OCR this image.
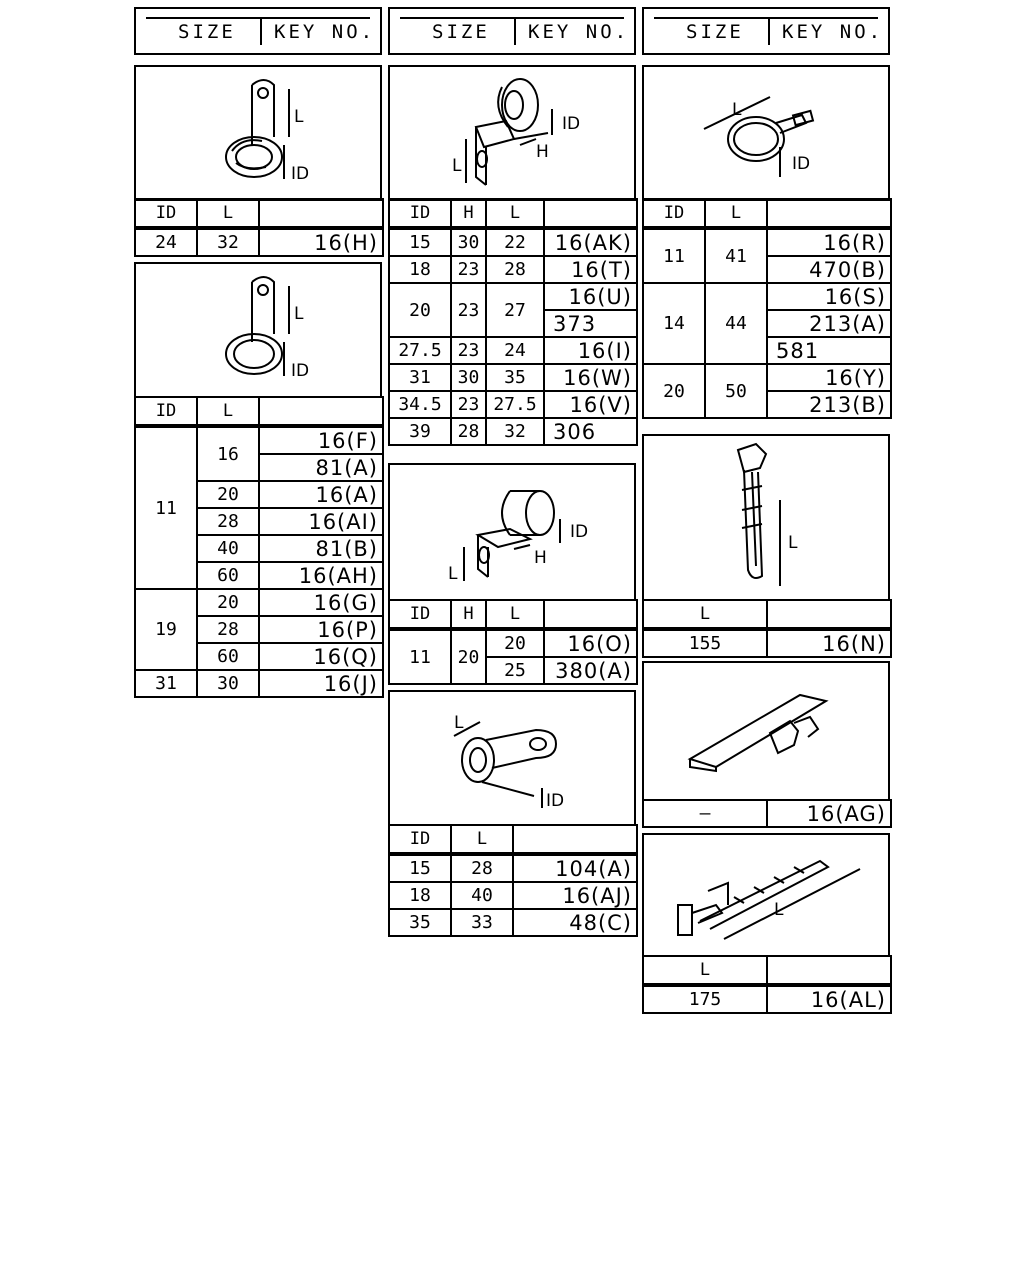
SIZE KEY NO.	SIZE KEY NO.	SIZE KEY NO.
L
ID
ID	L	
24	32	16(H)
L
ID
ID	L	
11	16	16(F)
		81(A)
	20	16(A)
	28	16(AI)
	40	81(B)
	60	16(AH)
19	20	16(G)
	28	16(P)
	60	16(Q)
31	30	16(J)
ID
H
L
ID	H	L	
15	30	22	16(AK)
18	23	28	16(T)
20	23	27	16(U)
			373
27.5	23	24	16(I)
31	30	35	16(W)
34.5	23	27.5	16(V)
39	28	32	306
ID
H
L
ID	H	L	
11	20	20	16(O)
		25	380(A)
L
ID
ID	L	
15	28	104(A)
18	40	16(AJ)
35	33	48(C)
L
ID
ID	L	
11	41	16(R)
		470(B)
14	44	16(S)
		213(A)
		581
20	50	16(Y)
		213(B)
L
L	
155	16(N)
—	16(AG)
L
L	
175	16(AL)
